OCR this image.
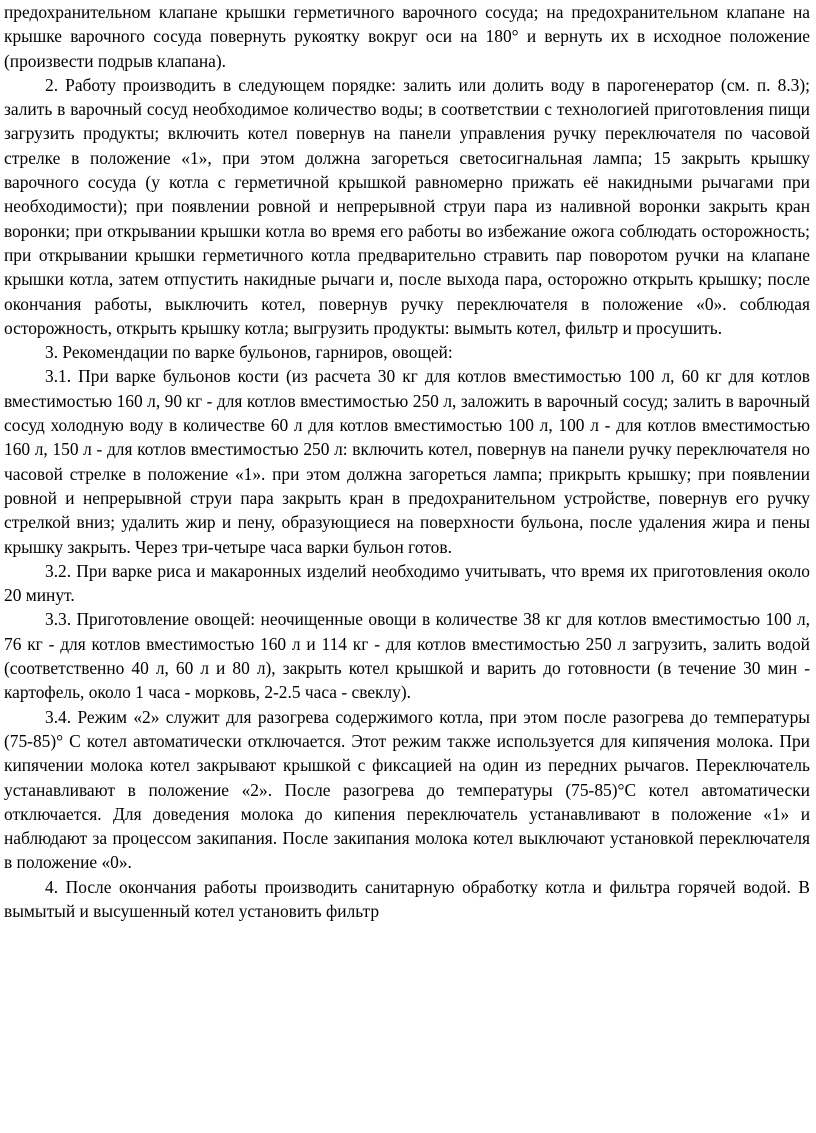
предохранительном клапане крышки герметичного варочного сосуда; на предохранительном клапане на крышке варочного сосуда повернуть рукоятку вокруг оси на 180° и вернуть их в исходное положение (произвести подрыв клапана).

2. Работу производить в следующем порядке: залить или долить воду в парогенератор (см. п. 8.3); залить в варочный сосуд необходимое количество воды; в соответствии с технологией приготовления пищи загрузить продукты; включить котел повернув на панели управления ручку переключателя по часовой стрелке в положение «1», при этом должна загореться светосигнальная лампа; 15 закрыть крышку варочного сосуда (у котла с герметичной крышкой равномерно прижать её накидными рычагами при необходимости); при появлении ровной и непрерывной струи пара из наливной воронки закрыть кран воронки; при открывании крышки котла во время его работы во избежание ожога соблюдать осторожность; при открывании крышки герметичного котла предварительно стравить пар поворотом ручки на клапане крышки котла, затем отпустить накидные рычаги и, после выхода пара, осторожно открыть крышку; после окончания работы, выключить котел, повернув ручку переключателя в положение «0». соблюдая осторожность, открыть крышку котла; выгрузить продукты: вымыть котел, фильтр и просушить.

3. Рекомендации по варке бульонов, гарниров, овощей:

3.1. При варке бульонов кости (из расчета 30 кг для котлов вместимостью 100 л, 60 кг для котлов вместимостью 160 л, 90 кг - для котлов вместимостью 250 л, заложить в варочный сосуд; залить в варочный сосуд холодную воду в количестве 60 л для котлов вместимостью 100 л, 100 л - для котлов вместимостью 160 л, 150 л - для котлов вместимостью 250 л: включить котел, повернув на панели ручку переключателя но часовой стрелке в положение «1». при этом должна загореться лампа; прикрыть крышку; при появлении ровной и непрерывной струи пара закрыть кран в предохранительном устройстве, повернув его ручку стрелкой вниз; удалить жир и пену, образующиеся на поверхности бульона, после удаления жира и пены крышку закрыть. Через три-четыре часа варки бульон готов.

3.2. При варке риса и макаронных изделий необходимо учитывать, что время их приготовления около 20 минут.

3.3. Приготовление овощей: неочищенные овощи в количестве 38 кг для котлов вместимостью 100 л, 76 кг - для котлов вместимостью 160 л и 114 кг - для котлов вместимостью 250 л загрузить, залить водой (соответственно 40 л, 60 л и 80 л), закрыть котел крышкой и варить до готовности (в течение 30 мин - картофель, около 1 часа - морковь, 2-2.5 часа - свеклу).

3.4. Режим «2» служит для разогрева содержимого котла, при этом после разогрева до температуры (75-85)° С котел автоматически отключается. Этот режим также используется для кипячения молока. При кипячении молока котел закрывают крышкой с фиксацией на один из передних рычагов. Переключатель устанавливают в положение «2». После разогрева до температуры (75-85)°С котел автоматически отключается. Для доведения молока до кипения переключатель устанавливают в положение «1» и наблюдают за процессом закипания. После закипания молока котел выключают установкой переключателя в положение «0».

4. После окончания работы производить санитарную обработку котла и фильтра горячей водой. В вымытый и высушенный котел установить фильтр
